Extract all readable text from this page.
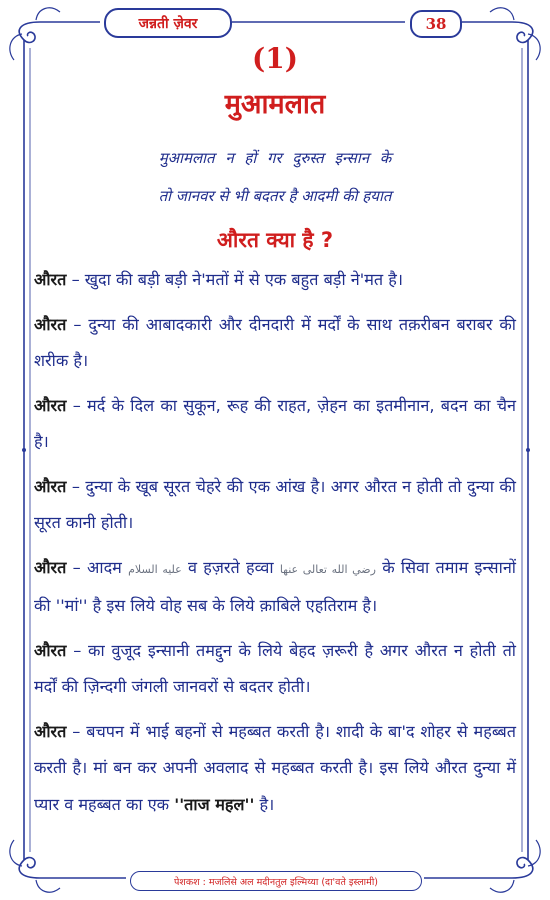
जन्नती ज़ेवर	38
(1)
मुआमलात
मुआमलात न हों गर दुरुस्त इन्सान के
तो जानवर से भी बदतर है आदमी की हयात
औरत क्या है ?

औरत – खुदा की बड़ी बड़ी ने'मतों में से एक बहुत बड़ी ने'मत है।

औरत – दुन्या की आबादकारी और दीनदारी में मर्दों के साथ तक़रीबन बराबर की शरीक है।

औरत – मर्द के दिल का सुकून, रूह की राहत, ज़ेहन का इतमीनान, बदन का चैन है।

औरत – दुन्या के खूब सूरत चेहरे की एक आंख है। अगर औरत न होती तो दुन्या की सूरत कानी होती।

औरत – आदम عليه السلام व हज़रते हव्वा رضي الله تعالى عنها के सिवा तमाम इन्सानों की ''मां'' है इस लिये वोह सब के लिये क़ाबिले एहतिराम है।

औरत – का वुजूद इन्सानी तमद्दुन के लिये बेहद ज़रूरी है अगर औरत न होती तो मर्दों की ज़िन्दगी जंगली जानवरों से बदतर होती।

औरत – बचपन में भाई बहनों से महब्बत करती है। शादी के बा'द शोहर से महब्बत करती है। मां बन कर अपनी अवलाद से महब्बत करती है। इस लिये औरत दुन्या में प्यार व महब्बत का एक ''ताज महल'' है।

पेशकश : मजलिसे अल मदीनतुल इल्मिय्या (दा'वते इस्लामी)
